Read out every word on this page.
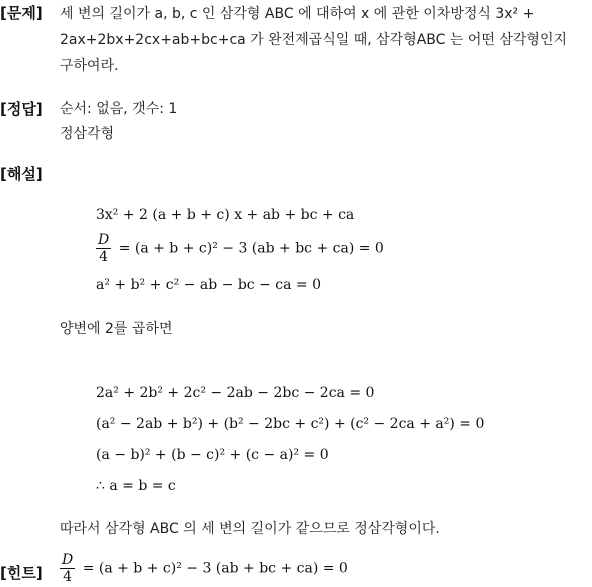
[문제] 세 변의 길이가 a, b, c 인 삼각형 ABC 에 대하여 x 에 관한 이차방정식 3x² +
2ax+2bx+2cx+ab+bc+ca 가 완전제곱식일 때, 삼각형ABC 는 어떤 삼각형인지
구하여라.
[정답] 순서: 없음, 갯수: 1
정삼각형
[해설]
3x² + 2 (a + b + c) x + ab + bc + ca
$\frac{D}{4} = (a + b + c)^2 - 3$ (ab + bc + ca) = 0
a² + b² + c² − ab − bc − ca = 0
양변에 2를 곱하면
2a² + 2b² + 2c² − 2ab − 2bc − 2ca = 0
(a² − 2ab + b²) + (b² − 2bc + c²) + (c² − 2ca + a²) = 0
(a − b)² + (b − c)² + (c − a)² = 0
∴ a = b = c
따라서 삼각형 ABC 의 세 변의 길이가 같으므로 정삼각형이다.
[힌트] $\frac{D}{4} = (a + b + c)^2 - 3$ (ab + bc + ca) = 0
